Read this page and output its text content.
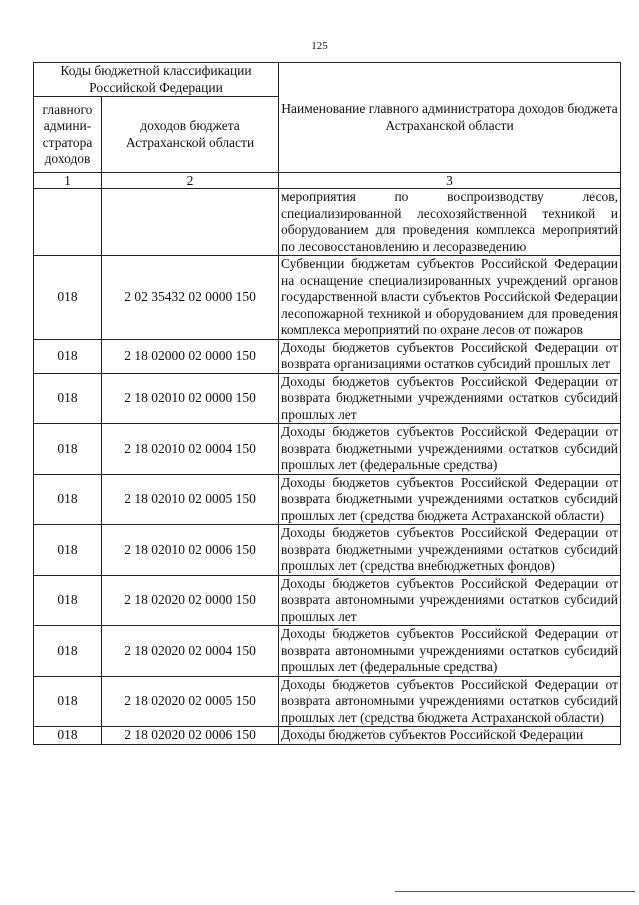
125
Коды бюджетной классификации Российской Федерации		Наименование главного администратора доходов бюджета Астраханской области
главного админи-стратора доходов	доходов бюджета Астраханской области	
1	2	3
		мероприятия по воспроизводству лесов, специализированной лесохозяйственной техникой и оборудованием для проведения комплекса мероприятий по лесовосстановлению и лесоразведению
018	2 02 35432 02 0000 150	Субвенции бюджетам субъектов Российской Федерации на оснащение специализированных учреждений органов государственной власти субъектов Российской Федерации лесопожарной техникой и оборудованием для проведения комплекса мероприятий по охране лесов от пожаров
018	2 18 02000 02 0000 150	Доходы бюджетов субъектов Российской Федерации от возврата организациями остатков субсидий прошлых лет
018	2 18 02010 02 0000 150	Доходы бюджетов субъектов Российской Федерации от возврата бюджетными учреждениями остатков субсидий прошлых лет
018	2 18 02010 02 0004 150	Доходы бюджетов субъектов Российской Федерации от возврата бюджетными учреждениями остатков субсидий прошлых лет (федеральные средства)
018	2 18 02010 02 0005 150	Доходы бюджетов субъектов Российской Федерации от возврата бюджетными учреждениями остатков субсидий прошлых лет (средства бюджета Астраханской области)
018	2 18 02010 02 0006 150	Доходы бюджетов субъектов Российской Федерации от возврата бюджетными учреждениями остатков субсидий прошлых лет (средства внебюджетных фондов)
018	2 18 02020 02 0000 150	Доходы бюджетов субъектов Российской Федерации от возврата автономными учреждениями остатков субсидий прошлых лет
018	2 18 02020 02 0004 150	Доходы бюджетов субъектов Российской Федерации от возврата автономными учреждениями остатков субсидий прошлых лет (федеральные средства)
018	2 18 02020 02 0005 150	Доходы бюджетов субъектов Российской Федерации от возврата автономными учреждениями остатков субсидий прошлых лет (средства бюджета Астраханской области)
018	2 18 02020 02 0006 150	Доходы бюджетов субъектов Российской Федерации
